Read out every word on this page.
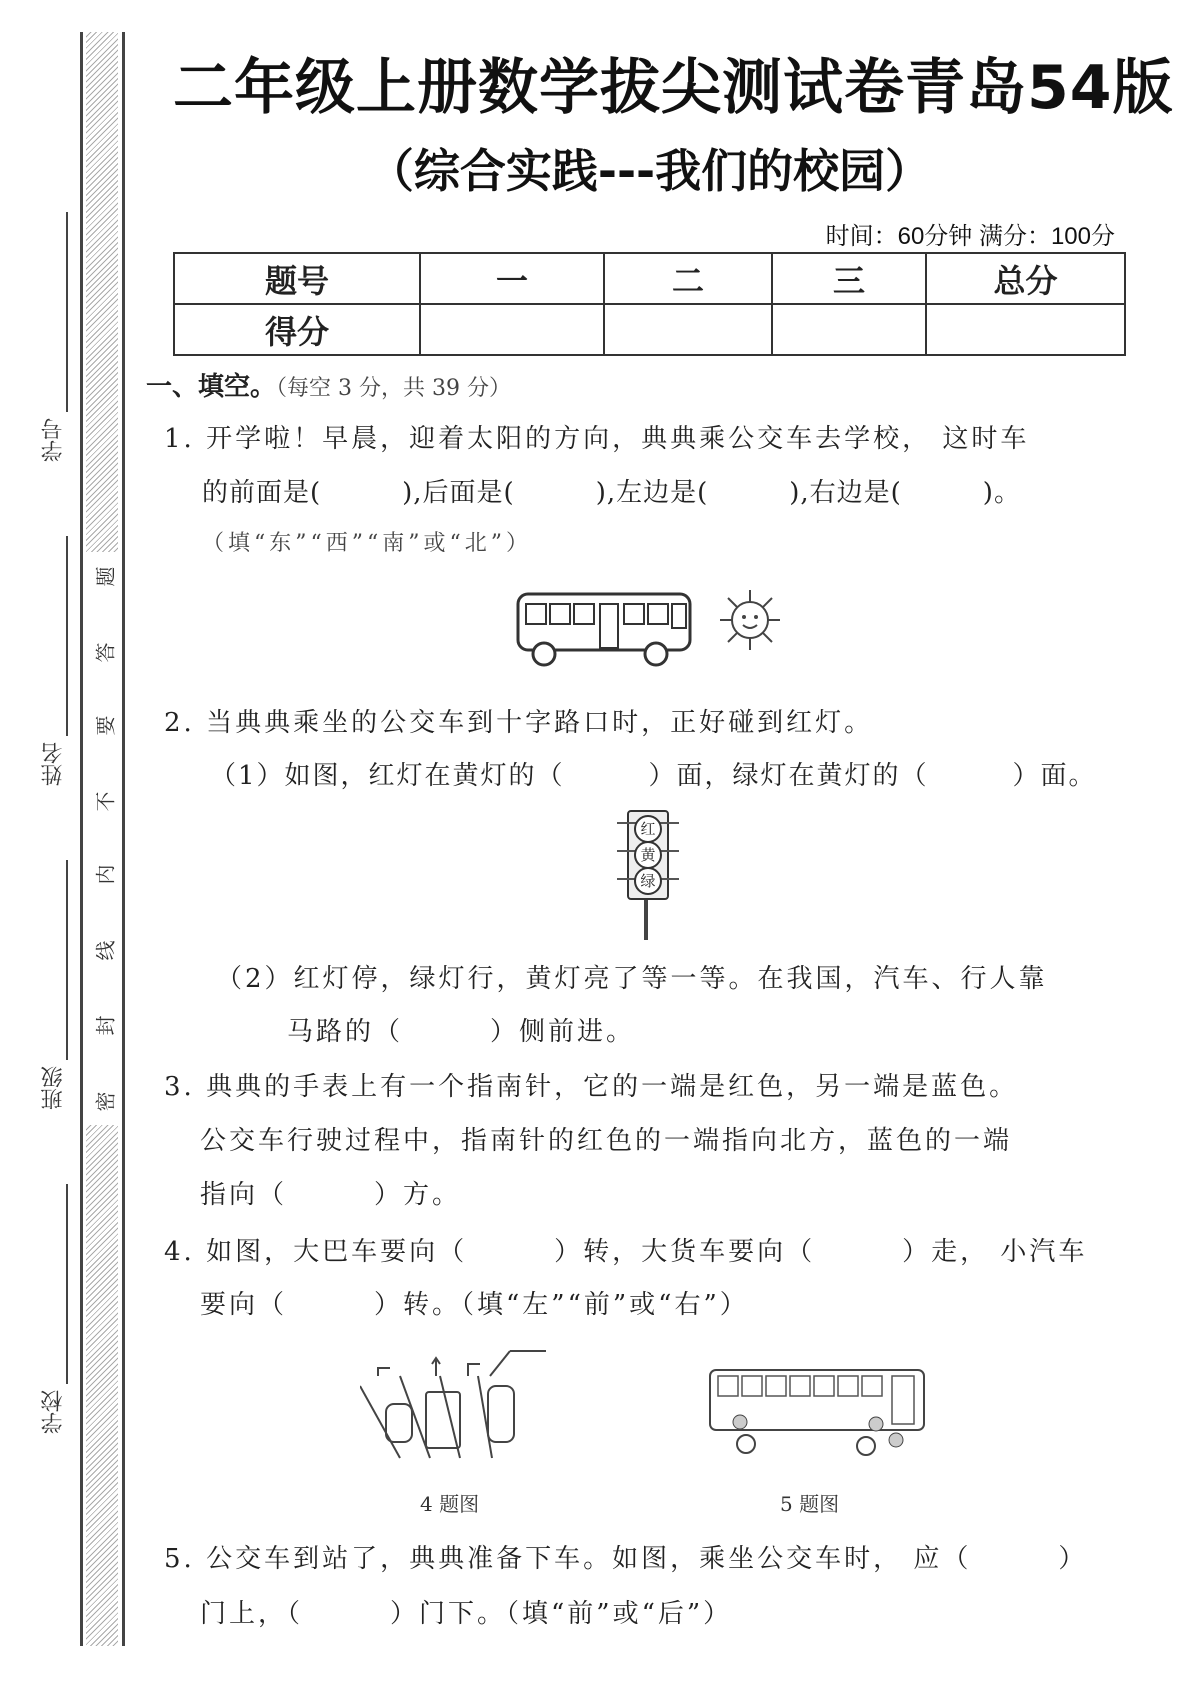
学号
姓名
班级
学校
题
答
要
不
内
线
封
密
二年级上册数学拔尖测试卷青岛54版
（综合实践---我们的校园）
时间：60分钟 满分：100分
题号	一	二	三	总分
得分				
一、填空。（每空 3 分，共 39 分）
1. 开学啦！早晨，迎着太阳的方向，典典乘公交车去学校， 这时车
的前面是(　　　),后面是(　　　),左边是(　　　),右边是(　　　)。
（填“东”“西”“南”或“北”）
2. 当典典乘坐的公交车到十字路口时，正好碰到红灯。
（1）如图，红灯在黄灯的（　　　）面，绿灯在黄灯的（　　　）面。
红
黄
绿
（2）红灯停，绿灯行，黄灯亮了等一等。在我国，汽车、行人靠
马路的（　　　）侧前进。
3. 典典的手表上有一个指南针，它的一端是红色，另一端是蓝色。
公交车行驶过程中，指南针的红色的一端指向北方，蓝色的一端
指向（　　　）方。
4. 如图，大巴车要向（　　　）转，大货车要向（　　　）走， 小汽车
要向（　　　）转。（填“左”“前”或“右”）
4 题图	5 题图
5. 公交车到站了，典典准备下车。如图，乘坐公交车时， 应（　　　）
门上，（　　　）门下。（填“前”或“后”）
